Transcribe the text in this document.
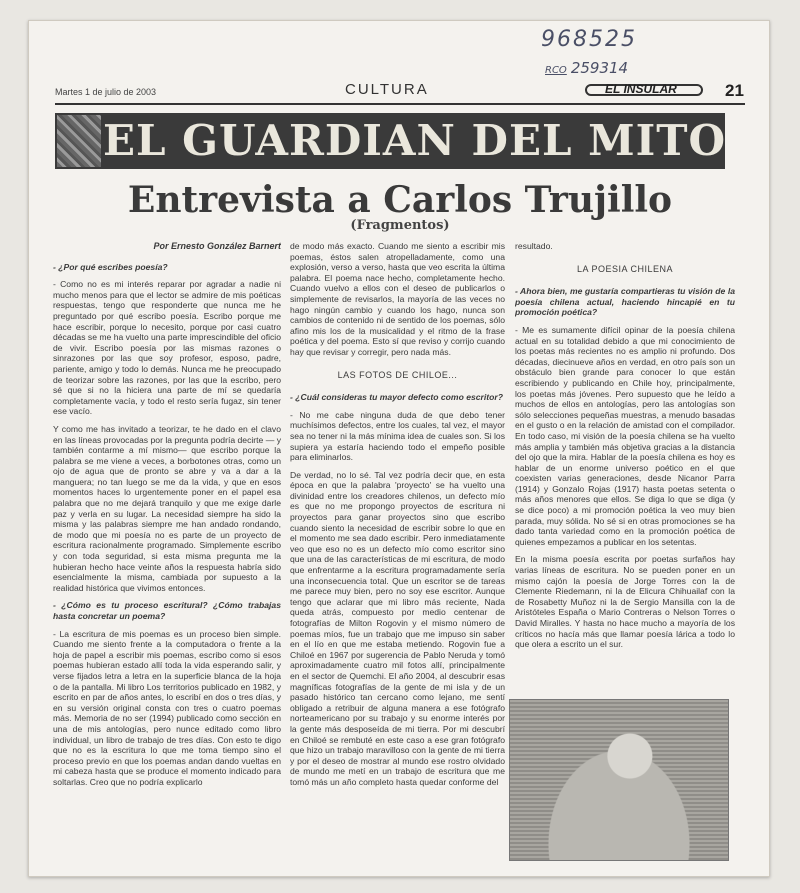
968525
RCO 259314
Martes 1 de julio de 2003	CULTURA	EL INSULAR	21
EL GUARDIAN DEL MITO
Entrevista a Carlos Trujillo
(Fragmentos)

Por Ernesto González Barnert

- ¿Por qué escribes poesía?

- Como no es mi interés reparar por agradar a nadie ni mucho menos para que el lector se admire de mis poéticas respuestas, tengo que responderte que nunca me he preguntado por qué escribo poesía. Escribo porque me hace escribir, porque lo necesito, porque por casi cuatro décadas se me ha vuelto una parte imprescindible del oficio de vivir. Escribo poesía por las mismas razones o sinrazones por las que soy profesor, esposo, padre, pariente, amigo y todo lo demás. Nunca me he preocupado de teorizar sobre las razones, por las que la escribo, pero sé que si no la hiciera una parte de mí se quedaría completamente vacía, y todo el resto sería fugaz, sin tener ese vacío.

Y como me has invitado a teorizar, te he dado en el clavo en las líneas provocadas por la pregunta podría decirte — y también contarme a mí mismo— que escribo porque la palabra se me viene a veces, a borbotones otras, como un ojo de agua que de pronto se abre y va a dar a la manguera; no tan luego se me da la vida, y que en esos momentos haces lo urgentemente poner en el papel esa palabra que no me dejará tranquilo y que me exige darle paz y verla en su lugar. La necesidad siempre ha sido la misma y las palabras siempre me han andado rondando, de modo que mi poesía no es parte de un proyecto de escritura racionalmente programado. Simplemente escribo y con toda seguridad, si esta misma pregunta me la hubieran hecho hace veinte años la respuesta habría sido esencialmente la misma, cambiada por supuesto a la realidad histórica que vivimos entonces.

- ¿Cómo es tu proceso escritural? ¿Cómo trabajas hasta concretar un poema?

- La escritura de mis poemas es un proceso bien simple. Cuando me siento frente a la computadora o frente a la hoja de papel a escribir mis poemas, escribo como si esos poemas hubieran estado allí toda la vida esperando salir, y verse fijados letra a letra en la superficie blanca de la hoja o de la pantalla. Mi libro Los territorios publicado en 1982, y escrito en par de años antes, lo escribí en dos o tres días, y en su versión original consta con tres o cuatro poemas más. Memoria de no ser (1994) publicado como sección en una de mis antologías, pero nunce editado como libro individual, un libro de trabajo de tres días. Con esto te digo que no es la escritura lo que me toma tiempo sino el proceso previo en que los poemas andan dando vueltas en mi cabeza hasta que se produce el momento indicado para soltarlas. Creo que no podría explicarlo

de modo más exacto. Cuando me siento a escribir mis poemas, éstos salen atropelladamente, como una explosión, verso a verso, hasta que veo escrita la última palabra. El poema nace hecho, completamente hecho. Cuando vuelvo a ellos con el deseo de publicarlos o simplemente de revisarlos, la mayoría de las veces no hago ningún cambio y cuando los hago, nunca son cambios de contenido ni de sentido de los poemas, sólo afino mis los de la musicalidad y el ritmo de la frase poética y del poema. Esto sí que reviso y corrijo cuando hay que revisar y corregir, pero nada más.

LAS FOTOS DE CHILOE...

- ¿Cuál consideras tu mayor defecto como escritor?

- No me cabe ninguna duda de que debo tener muchísimos defectos, entre los cuales, tal vez, el mayor sea no tener ni la más mínima idea de cuales son. Si los supiera ya estaría haciendo todo el empeño posible para eliminarlos.

De verdad, no lo sé. Tal vez podría decir que, en esta época en que la palabra 'proyecto' se ha vuelto una divinidad entre los creadores chilenos, un defecto mío es que no me propongo proyectos de escritura ni proyectos para ganar proyectos sino que escribo cuando siento la necesidad de escribir sobre lo que en el momento me sea dado escribir. Pero inmediatamente veo que eso no es un defecto mío como escritor sino que una de las características de mi escritura, de modo que enfrentarme a la escritura programadamente sería una inconsecuencia total. Que un escritor se de tareas me parece muy bien, pero no soy ese escritor. Aunque tengo que aclarar que mi libro más reciente, Nada queda atrás, compuesto por medio centenar de fotografías de Milton Rogovin y el mismo número de poemas míos, fue un trabajo que me impuso sin saber en el lío en que me estaba metiendo. Rogovin fue a Chiloé en 1967 por sugerencia de Pablo Neruda y tomó aproximadamente cuatro mil fotos allí, principalmente en el sector de Quemchi. El año 2004, al descubrir esas magníficas fotografías de la gente de mi isla y de un pasado histórico tan cercano como lejano, me sentí obligado a retribuir de alguna manera a ese fotógrafo norteamericano por su trabajo y su enorme interés por la gente más desposeída de mi tierra. Por mi descubrí en Chiloé se rembuté en este caso a ese gran fotógrafo que hizo un trabajo maravilloso con la gente de mi tierra y por el deseo de mostrar al mundo ese rostro olvidado de mundo me metí en un trabajo de escritura que me tomó más un año completo hasta quedar conforme del

resultado.

LA POESIA CHILENA

- Ahora bien, me gustaría compartieras tu visión de la poesía chilena actual, haciendo hincapié en tu promoción poética?

- Me es sumamente difícil opinar de la poesía chilena actual en su totalidad debido a que mi conocimiento de los poetas más recientes no es amplio ni profundo. Dos décadas, diecinueve años en verdad, en otro país son un obstáculo bien grande para conocer lo que están escribiendo y publicando en Chile hoy, principalmente, los poetas más jóvenes. Pero supuesto que he leído a muchos de ellos en antologías, pero las antologías son sólo selecciones pequeñas muestras, a menudo basadas en el gusto o en la relación de amistad con el compilador. En todo caso, mi visión de la poesía chilena se ha vuelto más amplia y también más objetiva gracias a la distancia del ojo que la mira. Hablar de la poesía chilena es hoy es hablar de un enorme universo poético en el que coexisten varias generaciones, desde Nicanor Parra (1914) y Gonzalo Rojas (1917) hasta poetas setenta o más años menores que ellos. Se diga lo que se diga (y se dice poco) a mi promoción poética la veo muy bien parada, muy sólida. No sé si en otras promociones se ha dado tanta variedad como en la promoción poética de quienes empezamos a publicar en los setentas.

En la misma poesía escrita por poetas surfaños hay varias líneas de escritura. No se pueden poner en un mismo cajón la poesía de Jorge Torres con la de Clemente Riedemann, ni la de Elicura Chihuailaf con la de Rosabetty Muñoz ni la de Sergio Mansilla con la de Aristóteles España o Mario Contreras o Nelson Torres o David Miralles. Y hasta no hace mucho a mayoría de los críticos no hacía más que llamar poesía lárica a todo lo que olera a escrito un el sur.
